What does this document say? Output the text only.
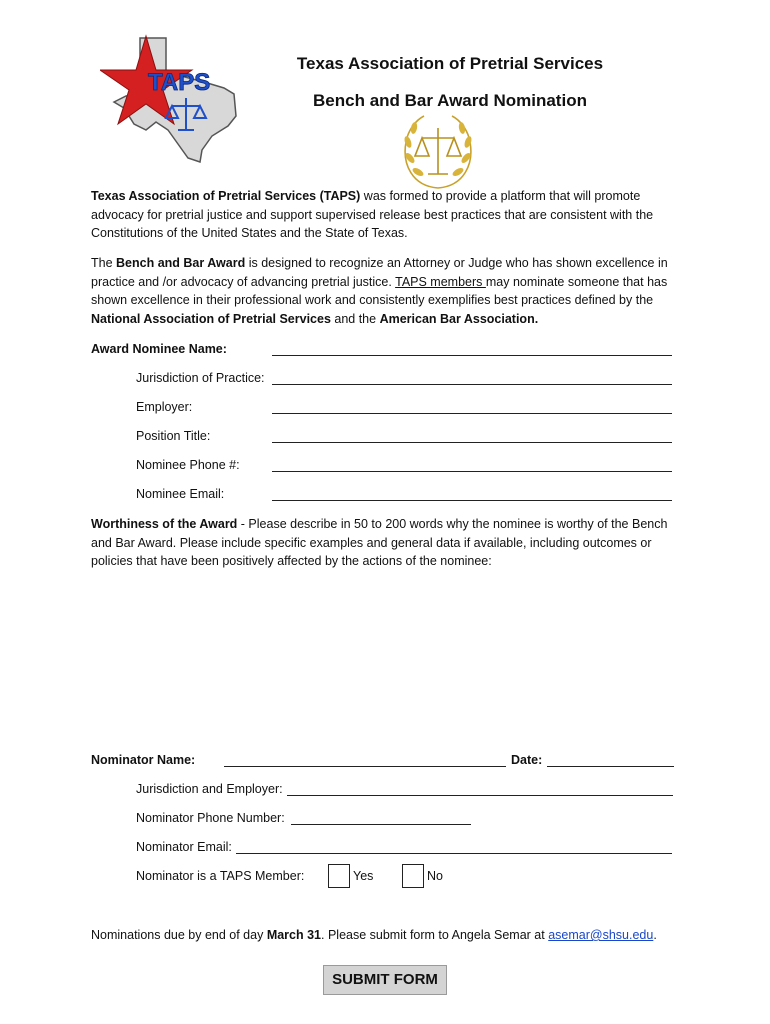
TAPS
Texas Association of Pretrial Services
Bench and Bar Award Nomination
Texas Association of Pretrial Services (TAPS) was formed to provide a platform that will promote advocacy for pretrial justice and support supervised release best practices that are consistent with the Constitutions of the United States and the State of Texas.
The Bench and Bar Award is designed to recognize an Attorney or Judge who has shown excellence in practice and /or advocacy of advancing pretrial justice. TAPS members may nominate someone that has shown excellence in their professional work and consistently exemplifies best practices defined by the National Association of Pretrial Services and the American Bar Association.
Award Nominee Name:
Jurisdiction of Practice:
Employer:
Position Title:
Nominee Phone #:
Nominee Email:
Worthiness of the Award - Please describe in 50 to 200 words why the nominee is worthy of the Bench and Bar Award. Please include specific examples and general data if available, including outcomes or policies that have been positively affected by the actions of the nominee:
Nominator Name:	Date:
Jurisdiction and Employer:
Nominator Phone Number:
Nominator Email:
Nominator is a TAPS Member:	Yes	No
Nominations due by end of day March 31. Please submit form to Angela Semar at asemar@shsu.edu.
SUBMIT FORM
